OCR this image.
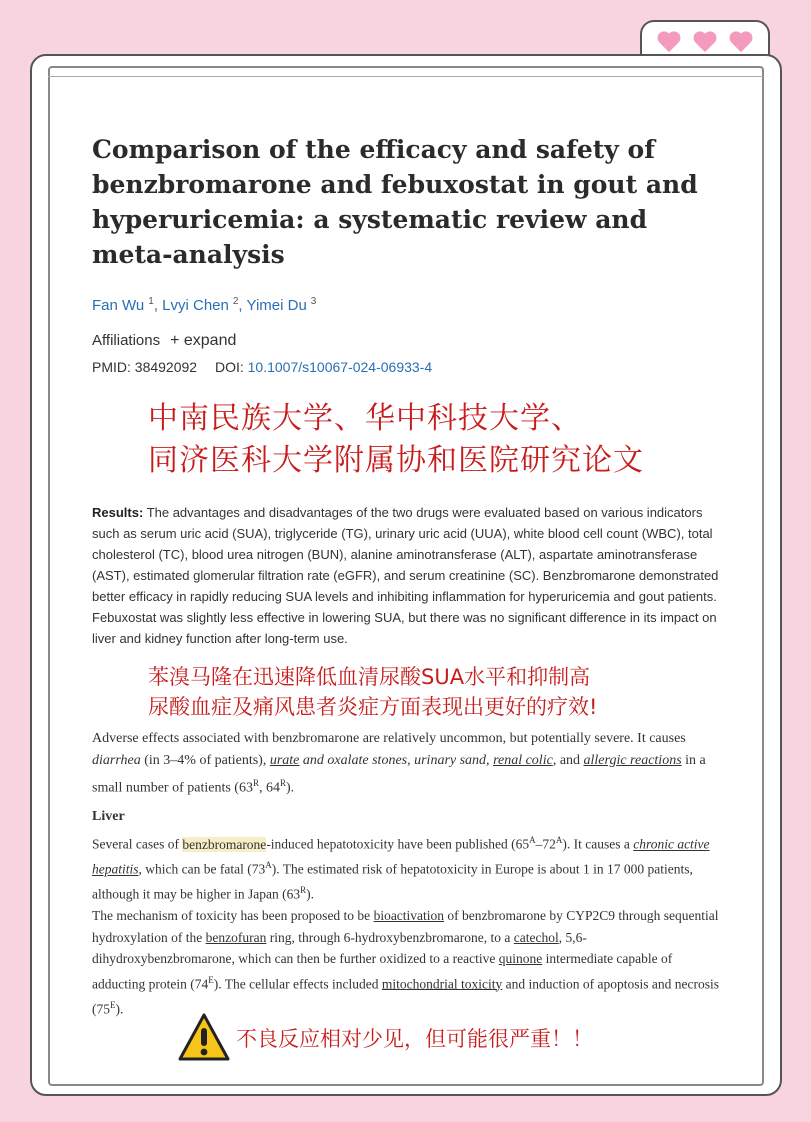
Comparison of the efficacy and safety of benzbromarone and febuxostat in gout and hyperuricemia: a systematic review and meta-analysis
Fan Wu $^1$, Lvyi Chen $^2$, Yimei Du $^3$
Affiliations + expand
PMID: 38492092 DOI: 10.1007/s10067-024-06933-4
中南民族大学、华中科技大学、
同济医科大学附属协和医院研究论文

Results: The advantages and disadvantages of the two drugs were evaluated based on various indicators such as serum uric acid (SUA), triglyceride (TG), urinary uric acid (UUA), white blood cell count (WBC), total cholesterol (TC), blood urea nitrogen (BUN), alanine aminotransferase (ALT), aspartate aminotransferase (AST), estimated glomerular filtration rate (eGFR), and serum creatinine (SC). Benzbromarone demonstrated better efficacy in rapidly reducing SUA levels and inhibiting inflammation for hyperuricemia and gout patients. Febuxostat was slightly less effective in lowering SUA, but there was no significant difference in its impact on liver and kidney function after long-term use.

苯溴马隆在迅速降低血清尿酸SUA水平和抑制高
尿酸血症及痛风患者炎症方面表现出更好的疗效!

Adverse effects associated with benzbromarone are relatively uncommon, but potentially severe. It causes diarrhea (in 3–4% of patients), urate and oxalate stones, urinary sand, renal colic, and allergic reactions in a small number of patients ($63^R$, $64^R$).

Liver

Several cases of benzbromarone-induced hepatotoxicity have been published $(65^A-72^A)$. It causes a chronic active hepatitis, which can be fatal $(73^A)$. The estimated risk of hepatotoxicity in Europe is about 1 in 17 000 patients, although it may be higher in Japan $(63^R)$.

The mechanism of toxicity has been proposed to be bioactivation of benzbromarone by CYP2C9 through sequential hydroxylation of the benzofuran ring, through 6-hydroxybenzbromarone, to a catechol, 5,6-dihydroxybenzbromarone, which can then be further oxidized to a reactive quinone intermediate capable of adducting protein $(74^E)$. The cellular effects included mitochondrial toxicity and induction of apoptosis and necrosis $(75^E)$.

不良反应相对少见，但可能很严重！！
